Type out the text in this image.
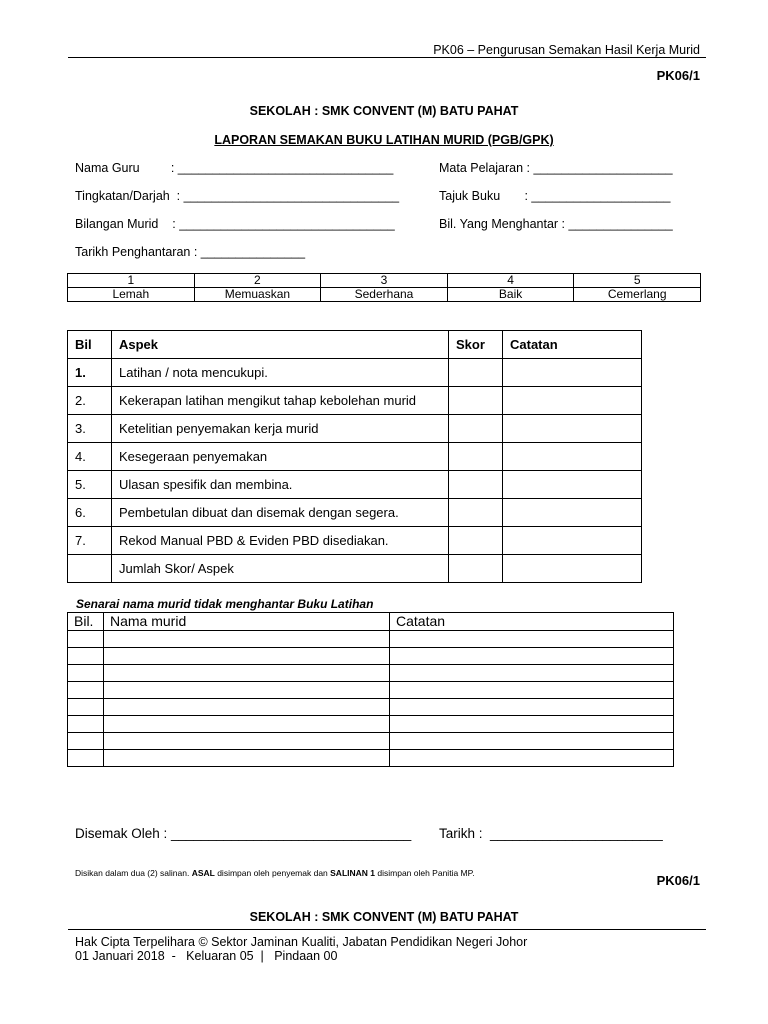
PK06 – Pengurusan Semakan Hasil Kerja Murid
PK06/1
SEKOLAH : SMK CONVENT (M) BATU PAHAT
LAPORAN SEMAKAN BUKU LATIHAN MURID (PGB/GPK)
Nama Guru         : _______________________________	Mata Pelajaran : ____________________
Tingkatan/Darjah  : _______________________________	Tajuk Buku       : ____________________
Bilangan Murid    : _______________________________	Bil. Yang Menghantar : _______________
Tarikh Penghantaran : _______________
1	2	3	4	5
Lemah	Memuaskan	Sederhana	Baik	Cemerlang
Bil	Aspek	Skor	Catatan
1.	Latihan / nota mencukupi.		
2.	Kekerapan latihan mengikut tahap kebolehan murid		
3.	Ketelitian penyemakan kerja murid		
4.	Kesegeraan penyemakan		
5.	Ulasan spesifik dan membina.		
6.	Pembetulan dibuat dan disemak dengan segera.		
7.	Rekod Manual PBD & Eviden PBD disediakan.		
	Jumlah Skor/ Aspek		
Senarai nama murid tidak menghantar Buku Latihan
Bil.	Nama murid	Catatan

Disemak Oleh : ________________________________ Tarikh :  _______________________
Disikan dalam dua (2) salinan. ASAL disimpan oleh penyemak dan SALINAN 1 disimpan oleh Panitia MP.	PK06/1
SEKOLAH : SMK CONVENT (M) BATU PAHAT
Hak Cipta Terpelihara © Sektor Jaminan Kualiti, Jabatan Pendidikan Negeri Johor
01 Januari 2018  -   Keluaran 05  |   Pindaan 00
